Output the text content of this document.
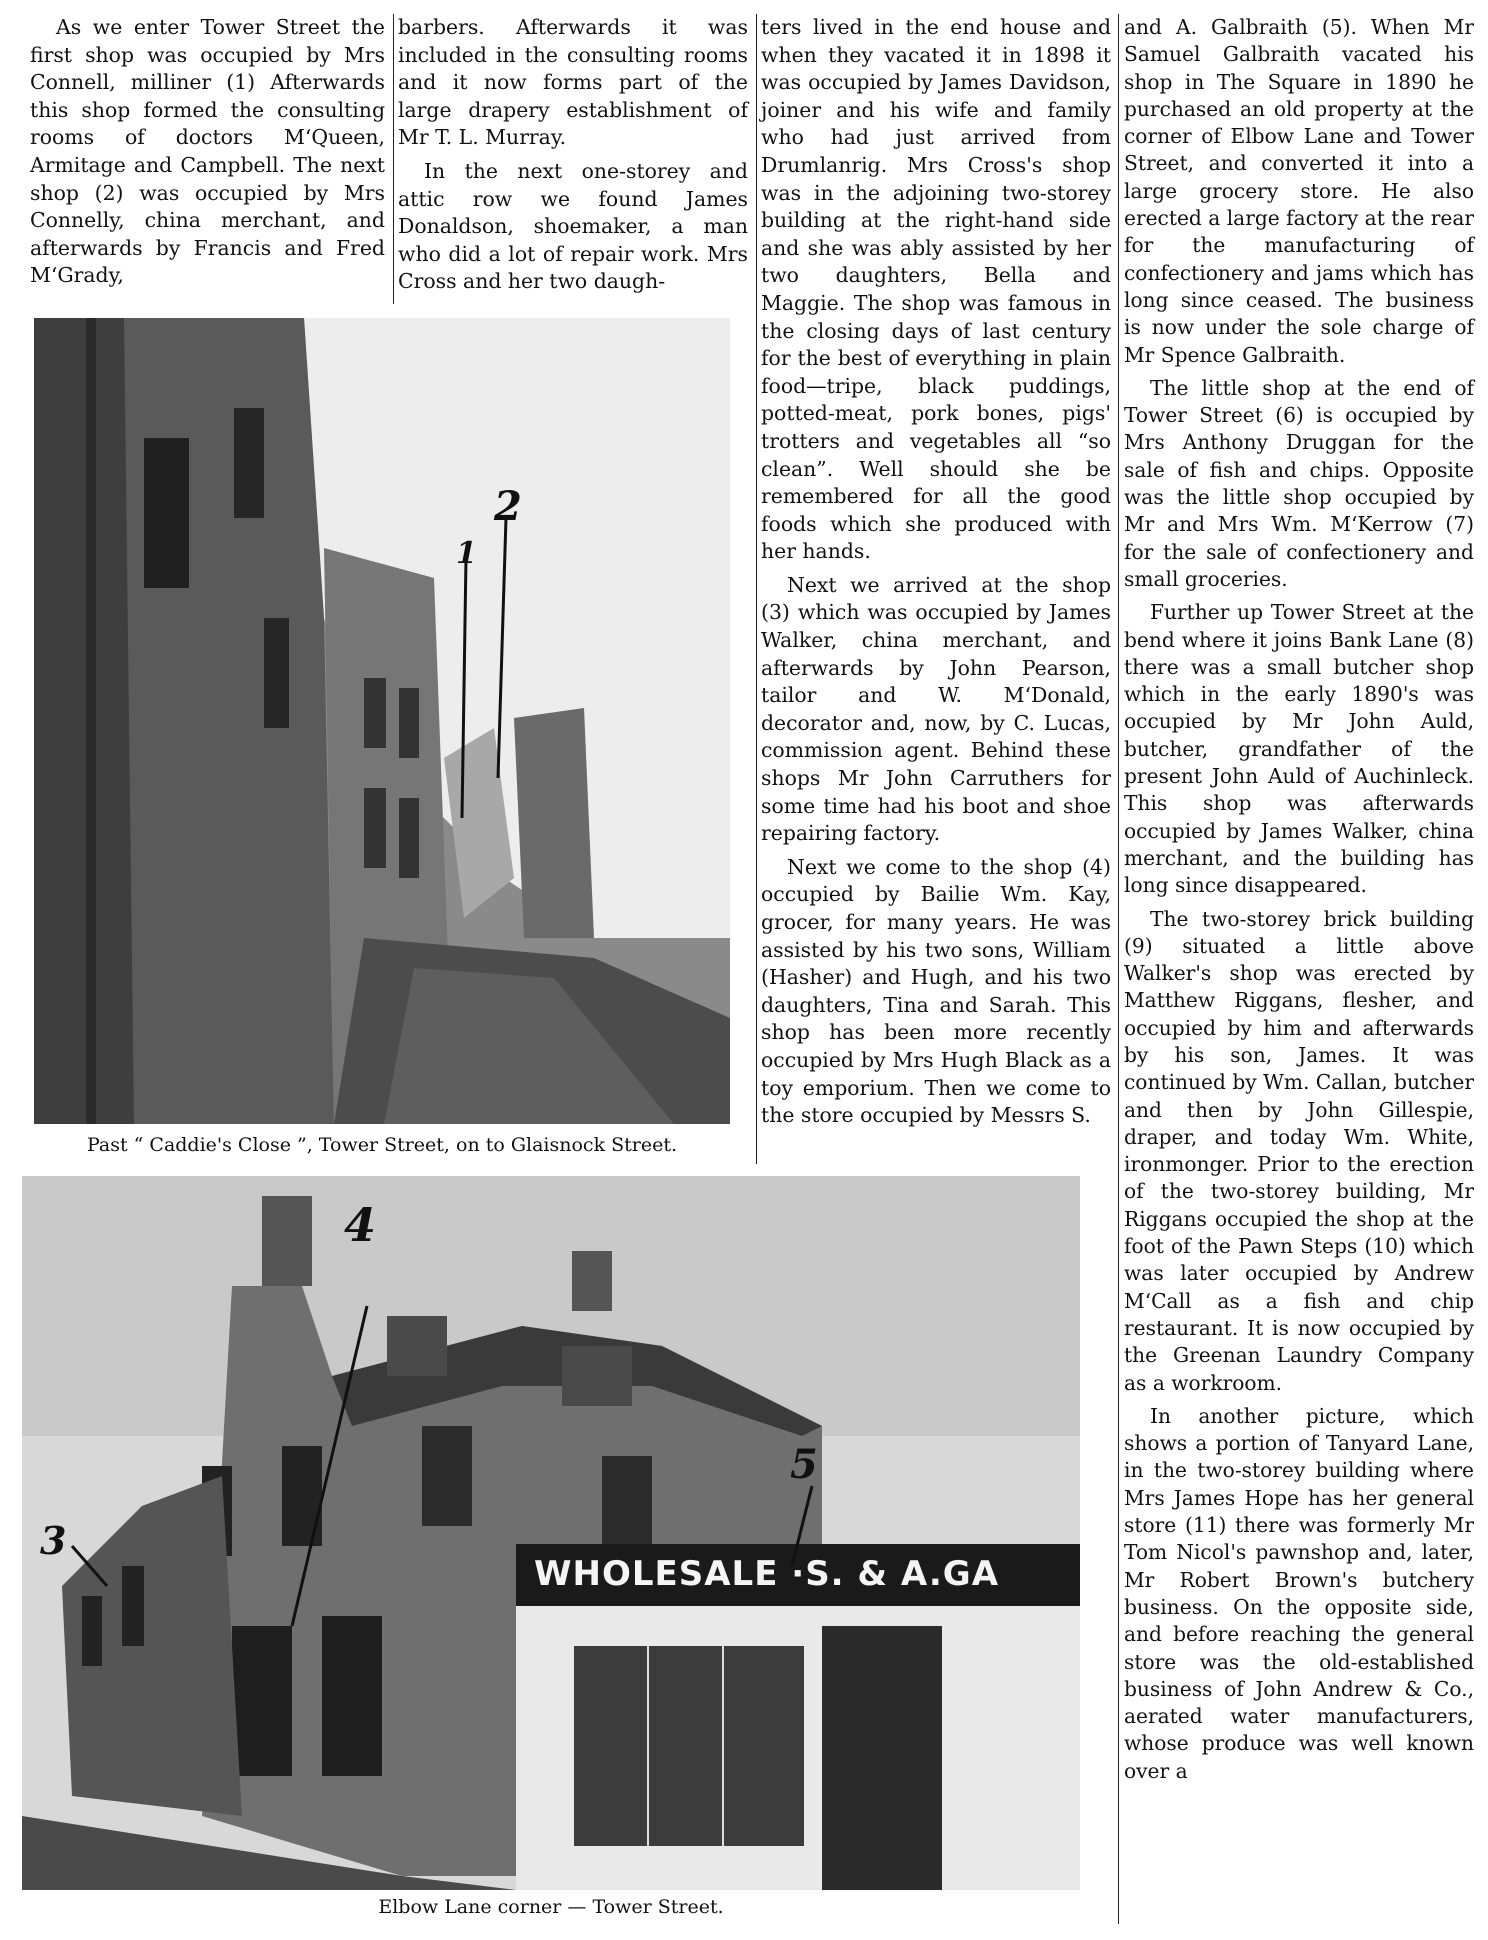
As we enter Tower Street the first shop was occupied by Mrs Connell, milliner (1) Afterwards this shop formed the consulting rooms of doctors M‘Queen, Armitage and Campbell. The next shop (2) was occupied by Mrs Connelly, china merchant, and afterwards by Francis and Fred M‘Grady,

barbers. Afterwards it was included in the consulting rooms and it now forms part of the large drapery establishment of Mr T. L. Murray.

In the next one-storey and attic row we found James Donaldson, shoemaker, a man who did a lot of repair work. Mrs Cross and her two daugh-

ters lived in the end house and when they vacated it in 1898 it was occupied by James Davidson, joiner and his wife and family who had just arrived from Drumlanrig. Mrs Cross's shop was in the adjoining two-storey building at the right-hand side and she was ably assisted by her two daughters, Bella and Maggie. The shop was famous in the closing days of last century for the best of everything in plain food—tripe, black puddings, potted-meat, pork bones, pigs' trotters and vegetables all “so clean”. Well should she be remembered for all the good foods which she produced with her hands.

Next we arrived at the shop (3) which was occupied by James Walker, china merchant, and afterwards by John Pearson, tailor and W. M‘Donald, decorator and, now, by C. Lucas, commission agent. Behind these shops Mr John Carruthers for some time had his boot and shoe repairing factory.

Next we come to the shop (4) occupied by Bailie Wm. Kay, grocer, for many years. He was assisted by his two sons, William (Hasher) and Hugh, and his two daughters, Tina and Sarah. This shop has been more recently occupied by Mrs Hugh Black as a toy emporium. Then we come to the store occupied by Messrs S.

and A. Galbraith (5). When Mr Samuel Galbraith vacated his shop in The Square in 1890 he purchased an old property at the corner of Elbow Lane and Tower Street, and converted it into a large grocery store. He also erected a large factory at the rear for the manufacturing of confectionery and jams which has long since ceased. The business is now under the sole charge of Mr Spence Galbraith.

The little shop at the end of Tower Street (6) is occupied by Mrs Anthony Druggan for the sale of fish and chips. Opposite was the little shop occupied by Mr and Mrs Wm. M‘Kerrow (7) for the sale of confectionery and small groceries.

Further up Tower Street at the bend where it joins Bank Lane (8) there was a small butcher shop which in the early 1890's was occupied by Mr John Auld, butcher, grandfather of the present John Auld of Auchinleck. This shop was afterwards occupied by James Walker, china merchant, and the building has long since disappeared.

The two-storey brick building (9) situated a little above Walker's shop was erected by Matthew Riggans, flesher, and occupied by him and afterwards by his son, James. It was continued by Wm. Callan, butcher and then by John Gillespie, draper, and today Wm. White, ironmonger. Prior to the erection of the two-storey building, Mr Riggans occupied the shop at the foot of the Pawn Steps (10) which was later occupied by Andrew M‘Call as a fish and chip restaurant. It is now occupied by the Greenan Laundry Company as a workroom.

In another picture, which shows a portion of Tanyard Lane, in the two-storey building where Mrs James Hope has her general store (11) there was formerly Mr Tom Nicol's pawnshop and, later, Mr Robert Brown's butchery business. On the opposite side, and before reaching the general store was the old-established business of John Andrew & Co., aerated water manufacturers, whose produce was well known over a

1
2
Past “ Caddie's Close ”, Tower Street, on to Glaisnock Street.
WHOLESALE ·S. & A.GA
3
4
5
Elbow Lane corner — Tower Street.
